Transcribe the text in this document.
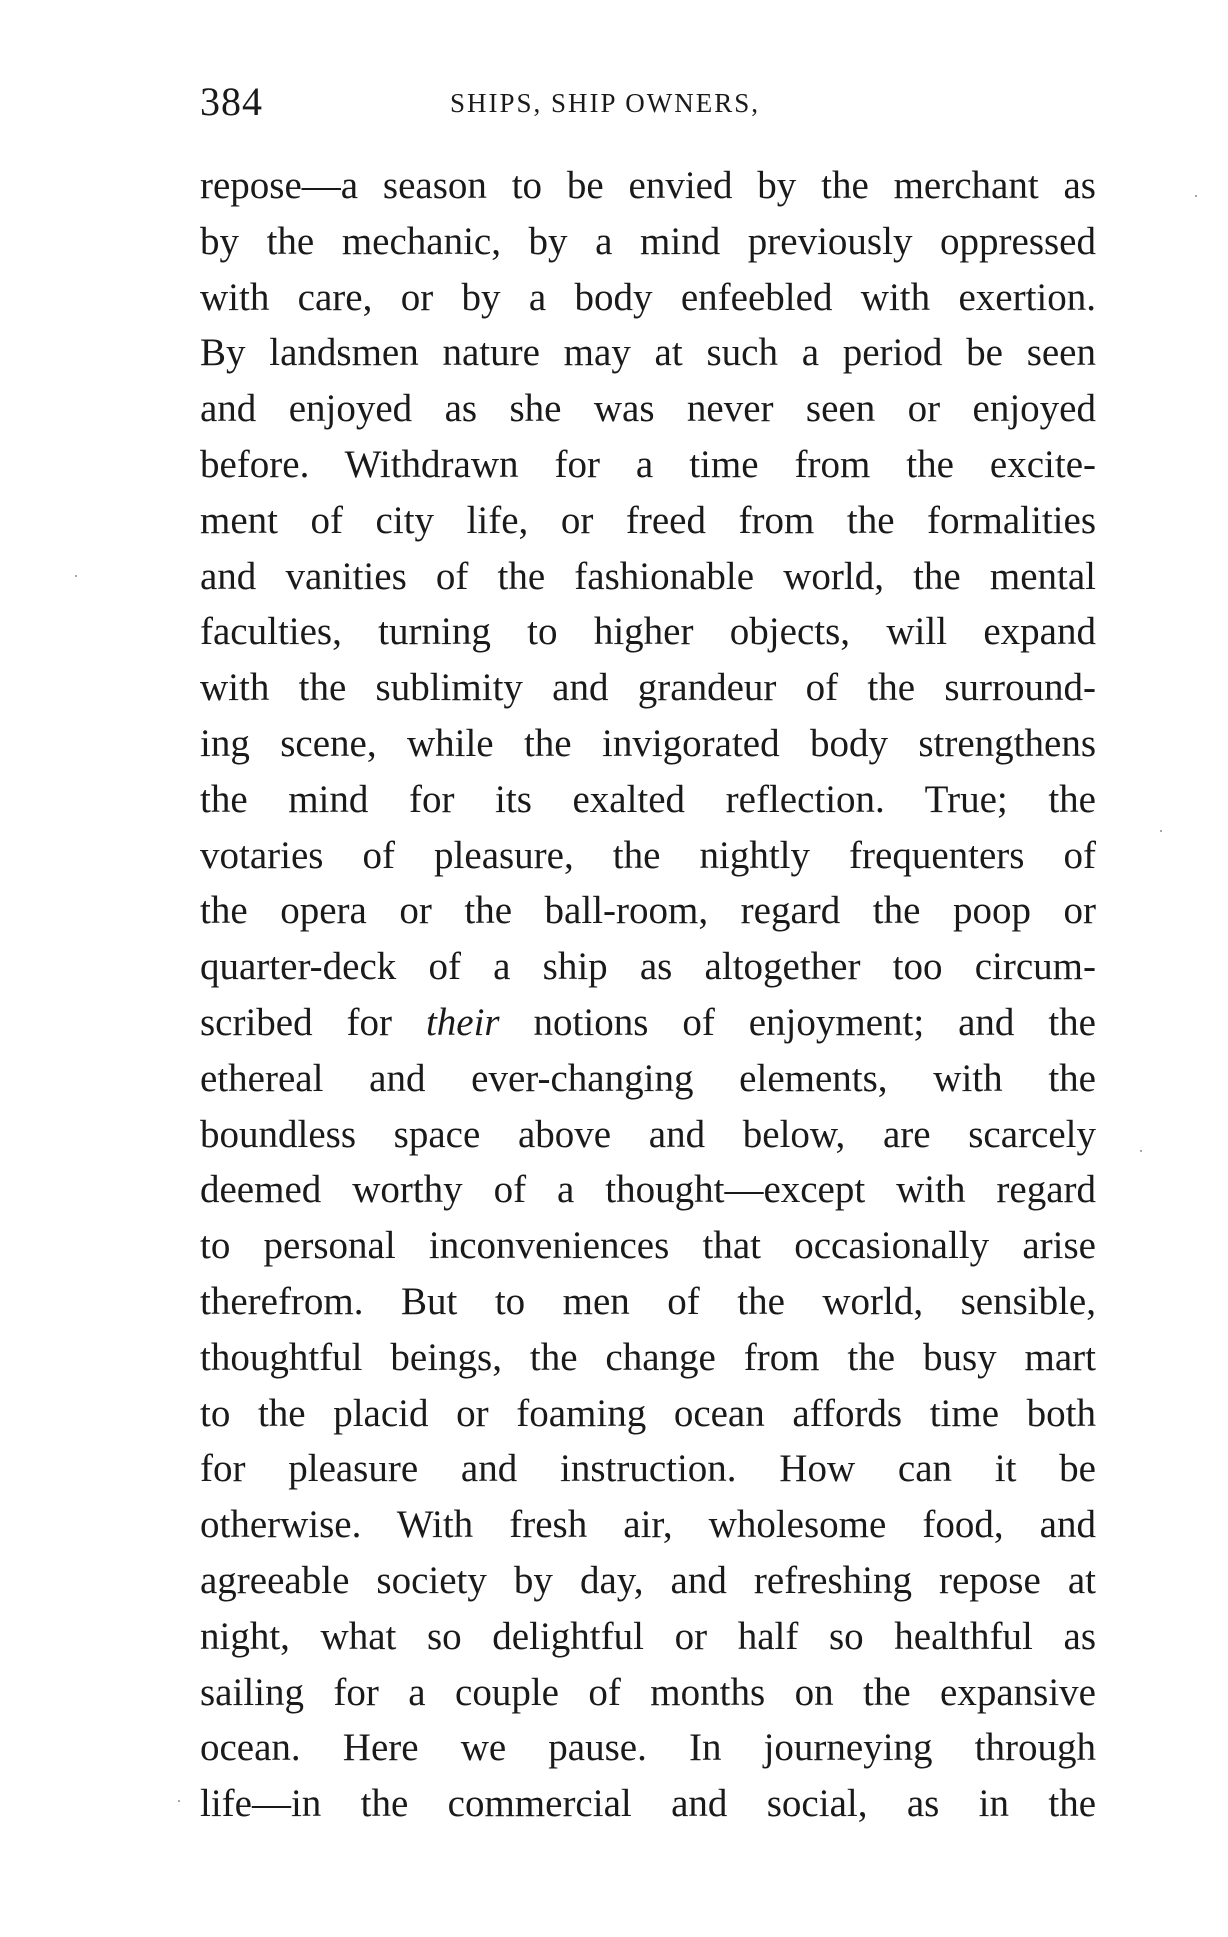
384	SHIPS, SHIP OWNERS,
repose—a season to be envied by the merchant as
by the mechanic, by a mind previously oppressed
with care, or by a body enfeebled with exertion.
By landsmen nature may at such a period be seen
and enjoyed as she was never seen or enjoyed
before. Withdrawn for a time from the excite-
ment of city life, or freed from the formalities
and vanities of the fashionable world, the mental
faculties, turning to higher objects, will expand
with the sublimity and grandeur of the surround-
ing scene, while the invigorated body strengthens
the mind for its exalted reflection. True; the
votaries of pleasure, the nightly frequenters of
the opera or the ball-room, regard the poop or
quarter-deck of a ship as altogether too circum-
scribed for their notions of enjoyment; and the
ethereal and ever-changing elements, with the
boundless space above and below, are scarcely
deemed worthy of a thought—except with regard
to personal inconveniences that occasionally arise
therefrom. But to men of the world, sensible,
thoughtful beings, the change from the busy mart
to the placid or foaming ocean affords time both
for pleasure and instruction. How can it be
otherwise. With fresh air, wholesome food, and
agreeable society by day, and refreshing repose at
night, what so delightful or half so healthful as
sailing for a couple of months on the expansive
ocean. Here we pause. In journeying through
life—in the commercial and social, as in the
